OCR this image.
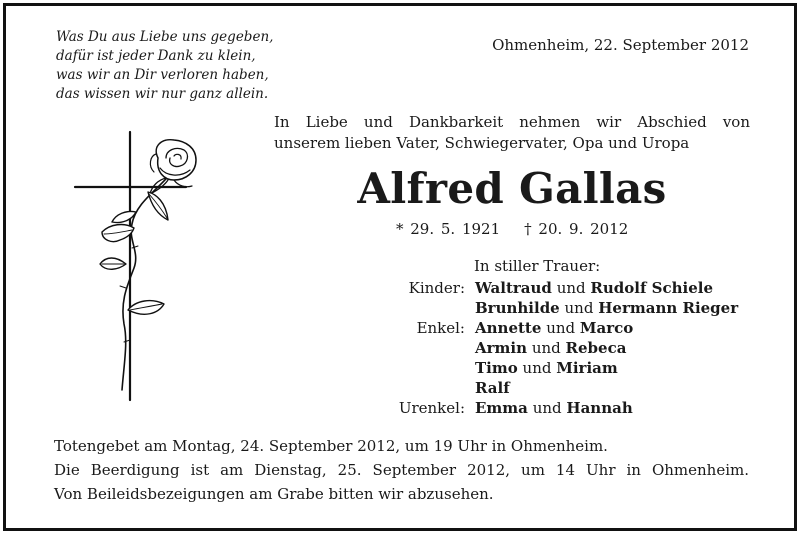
Was Du aus Liebe uns gegeben,
dafür ist jeder Dank zu klein,
was wir an Dir verloren haben,
das wissen wir nur ganz allein.
Ohmenheim, 22. September 2012
In Liebe und Dankbarkeit nehmen wir Abschied von
unserem lieben Vater, Schwiegervater, Opa und Uropa
Alfred Gallas
* 29. 5. 1921 † 20. 9. 2012
In stiller Trauer:
Kinder: Waltraud und Rudolf Schiele
Brunhilde und Hermann Rieger
Enkel: Annette und Marco
Armin und Rebeca
Timo und Miriam
Ralf
Urenkel: Emma und Hannah
Totengebet am Montag, 24. September 2012, um 19 Uhr in Ohmenheim.
Die Beerdigung ist am Dienstag, 25. September 2012, um 14 Uhr in Ohmenheim.
Von Beileidsbezeigungen am Grabe bitten wir abzusehen.
